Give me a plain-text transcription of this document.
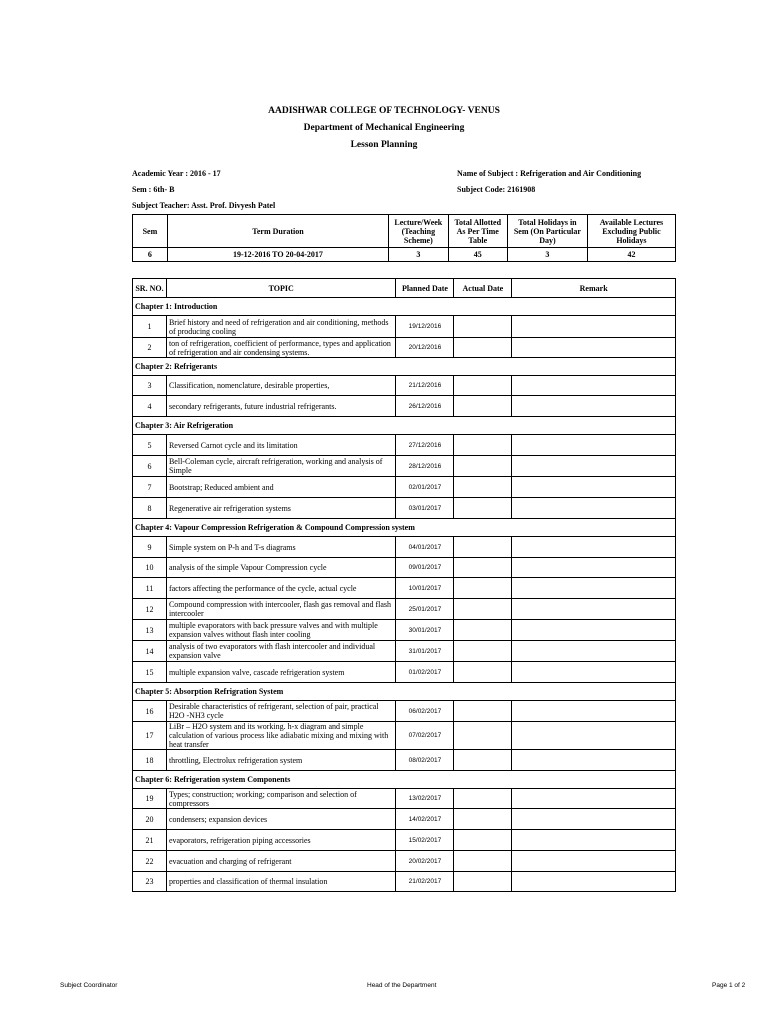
AADISHWAR COLLEGE OF TECHNOLOGY- VENUS
Department of Mechanical Engineering
Lesson Planning
Academic Year : 2016 - 17	Name of Subject : Refrigeration and Air Conditioning
Sem : 6th- B	Subject Code: 2161908
Subject Teacher: Asst. Prof. Divyesh Patel
Sem	Term Duration	Lecture/Week (Teaching Scheme)	Total Allotted As Per Time Table	Total Holidays in Sem (On Particular Day)	Available Lectures Excluding Public Holidays
6	19-12-2016 TO 20-04-2017	3	45	3	42
SR. NO.	TOPIC	Planned Date	Actual Date	Remark
Chapter 1: Introduction				
1	Brief history and need of refrigeration and air conditioning, methods of producing cooling	19/12/2016		
2	ton of refrigeration, coefficient of performance, types and application of refrigeration and air condensing systems.	20/12/2016		
Chapter 2: Refrigerants				
3	Classification, nomenclature, desirable properties,	21/12/2016		
4	secondary refrigerants, future industrial refrigerants.	26/12/2016		
Chapter 3: Air Refrigeration				
5	Reversed Carnot cycle and its limitation	27/12/2016		
6	Bell-Coleman cycle, aircraft refrigeration, working and analysis of Simple	28/12/2016		
7	Bootstrap; Reduced ambient and	02/01/2017		
8	Regenerative air refrigeration systems	03/01/2017		
Chapter 4: Vapour Compression Refrigeration & Compound Compression system				
9	Simple system on P-h and T-s diagrams	04/01/2017		
10	analysis of the simple Vapour Compression cycle	09/01/2017		
11	factors affecting the performance of the cycle, actual cycle	10/01/2017		
12	Compound compression with intercooler, flash gas removal and flash intercooler	25/01/2017		
13	multiple evaporators with back pressure valves and with multiple expansion valves without flash inter cooling	30/01/2017		
14	analysis of two evaporators with flash intercooler and individual expansion valve	31/01/2017		
15	multiple expansion valve, cascade refrigeration system	01/02/2017		
Chapter 5: Absorption Refrigration System				
16	Desirable characteristics of refrigerant, selection of pair, practical H2O -NH3 cycle	06/02/2017		
17	LiBr – H2O system and its working. h-x diagram and simple calculation of various process like adiabatic mixing and mixing with heat transfer	07/02/2017		
18	throttling, Electrolux refrigeration system	08/02/2017		
Chapter 6: Refrigeration system Components				
19	Types; construction; working; comparison and selection of compressors	13/02/2017		
20	condensers; expansion devices	14/02/2017		
21	evaporators, refrigeration piping accessories	15/02/2017		
22	evacuation and charging of refrigerant	20/02/2017		
23	properties and classification of thermal insulation	21/02/2017		
Subject Coordinator	Head of the Department	Page 1 of 2
